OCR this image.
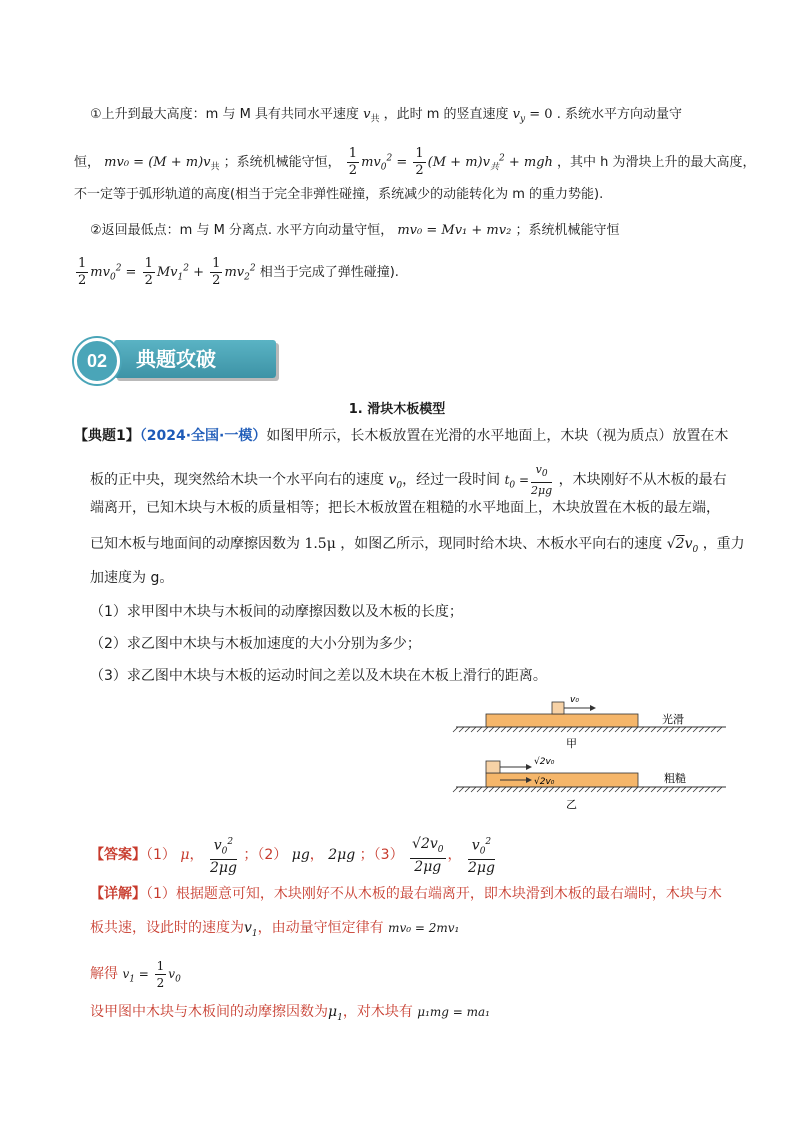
①上升到最大高度：m 与 M 具有共同水平速度 $v_共$ ，此时 m 的竖直速度 $v_y = 0$ . 系统水平方向动量守
恒， $mv_0 = (M + m)v_共$ ；系统机械能守恒， $\frac{1}{2} mv_0^2 = \frac{1}{2} (M + m)v_共^2$ + mgh ，其中 h 为滑块上升的最大高度，
不一定等于弧形轨道的高度(相当于完全非弹性碰撞，系统减少的动能转化为 m 的重力势能).
②返回最低点：m 与 M 分离点. 水平方向动量守恒， mv₀ = Mv₁ + mv₂ ；系统机械能守恒
$\frac{1}{2} mv_0^2 = \frac{1}{2} Mv_1^2 + \frac{1}{2} mv_2^2$ 相当于完成了弹性碰撞).
典题攻破
02
1. 滑块木板模型
【典题1】（2024·全国·一模）如图甲所示，长木板放置在光滑的水平地面上，木块（视为质点）放置在木
板的正中央，现突然给木块一个水平向右的速度 $v_0$，经过一段时间 $t_0 = \frac{v_0}{2\mu g}$ ，木块刚好不从木板的最右
端离开，已知木块与木板的质量相等；把长木板放置在粗糙的水平地面上，木块放置在木板的最左端，
已知木板与地面间的动摩擦因数为 1.5μ ，如图乙所示，现同时给木块、木板水平向右的速度 $√2v_0$ ，重力
加速度为 g。
（1）求甲图中木块与木板间的动摩擦因数以及木板的长度；
（2）求乙图中木块与木板加速度的大小分别为多少；
（3）求乙图中木块与木板的运动时间之差以及木块在木板上滑行的距离。
v₀
光滑
甲
√2v₀
√2v₀	粗糙
乙
【答案】（1） μ， $\frac{v_0^2}{2\mu g}$ ；（2） μg， 2μg ；$(3) \frac{√2v_0}{2\mu g}$ ， $\frac{v_0^2}{2\mu g}$
【详解】（1）根据题意可知，木块刚好不从木板的最右端离开，即木块滑到木板的最右端时，木块与木
板共速，设此时的速度为$v_1$，由动量守恒定律有 mv₀ = 2mv₁
解得 $v_1 = \frac{1}{2} v_0$
设甲图中木块与木板间的动摩擦因数为$\mu_1$，对木块有 μ₁mg = ma₁
